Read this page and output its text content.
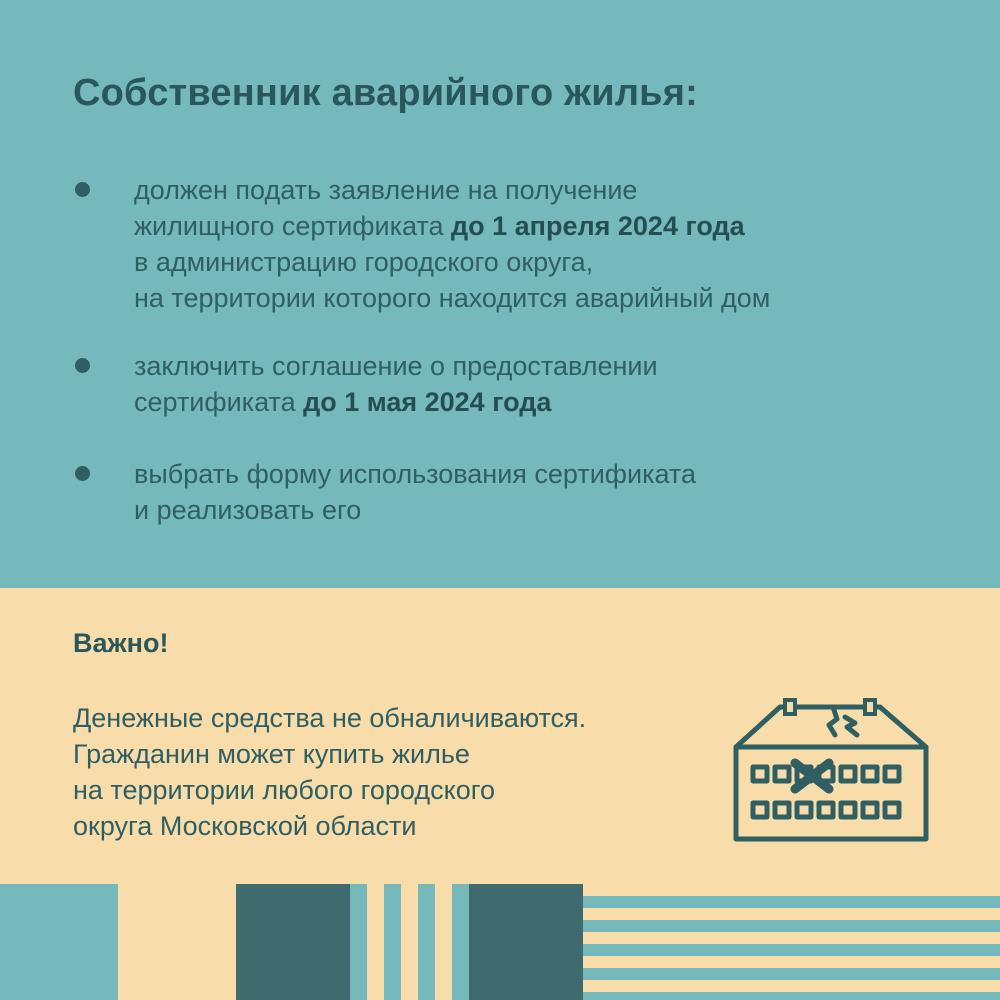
Собственник аварийного жилья:

должен подать заявление на получение
жилищного сертификата до 1 апреля 2024 года
в администрацию городского округа,
на территории которого находится аварийный дом

заключить соглашение о предоставлении
сертификата до 1 мая 2024 года

выбрать форму использования сертификата
и реализовать его

Важно!

Денежные средства не обналичиваются.
Гражданин может купить жилье
на территории любого городского
округа Московской области
